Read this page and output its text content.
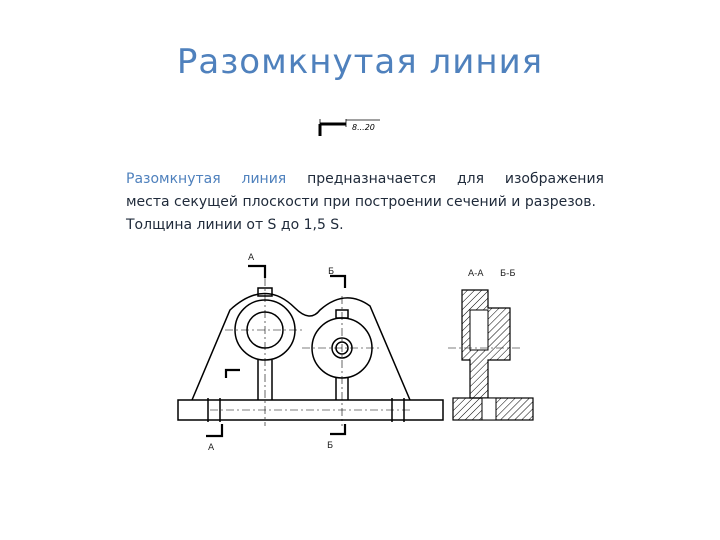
Разомкнутая линия
8...20
Разомкнутая линия предназначается для изображения
места секущей плоскости при построении сечений и разрезов.
Толщина линии от S до 1,5 S.
А
Б
А	Б
А-А Б-Б
